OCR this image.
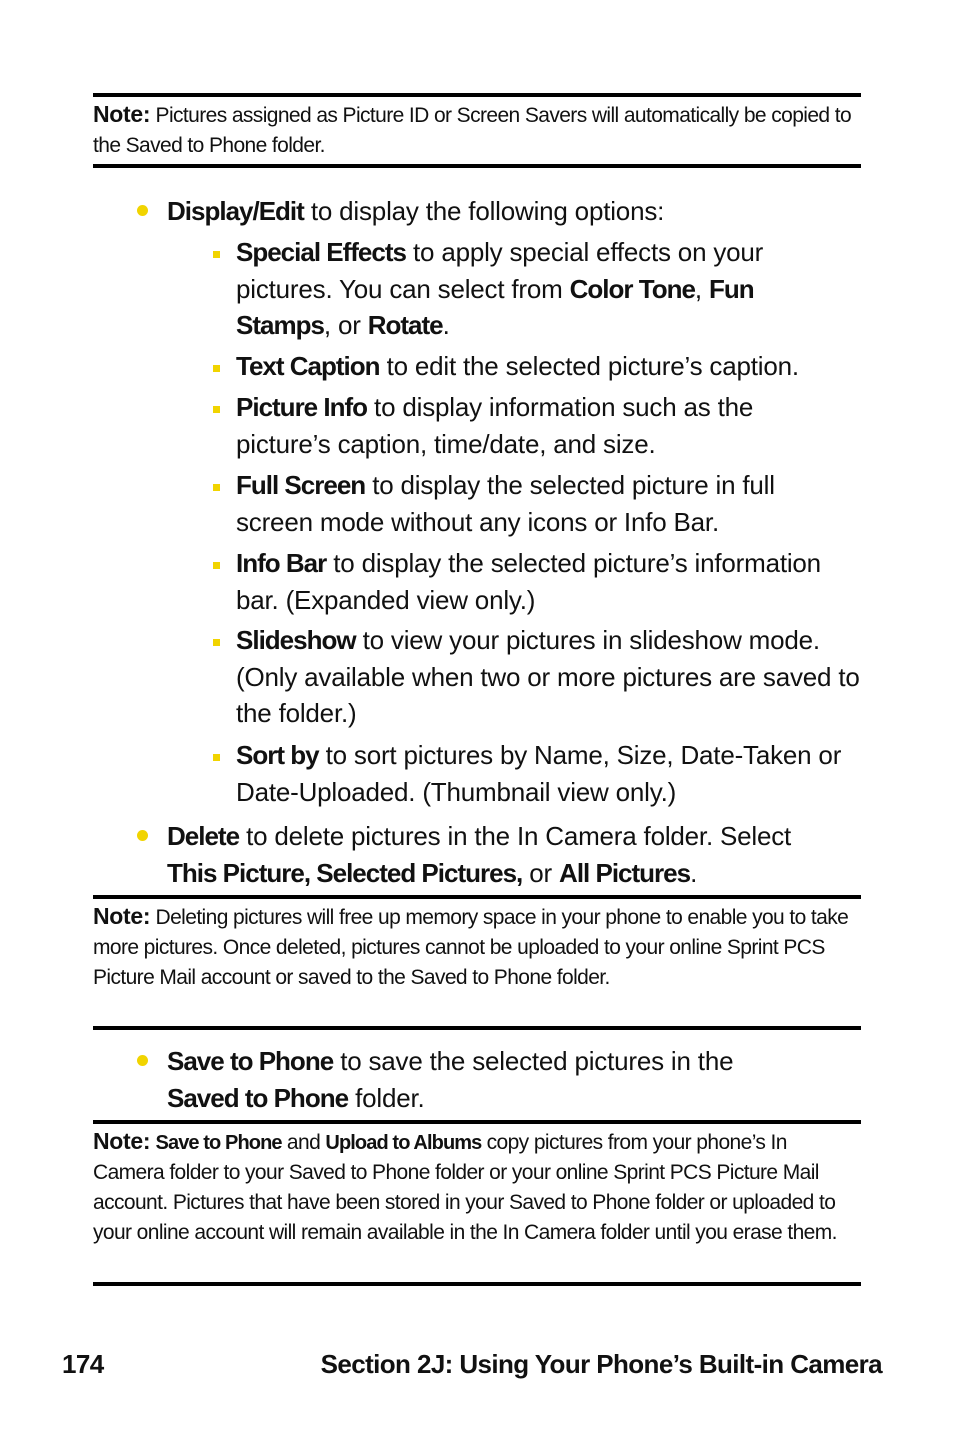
Note: Pictures assigned as Picture ID or Screen Savers will automatically be copied to the Saved to Phone folder.
Display/Edit to display the following options:
Special Effects to apply special effects on your pictures. You can select from Color Tone, Fun Stamps, or Rotate.
Text Caption to edit the selected picture’s caption.
Picture Info to display information such as the picture’s caption, time/date, and size.
Full Screen to display the selected picture in full screen mode without any icons or Info Bar.
Info Bar to display the selected picture’s information bar. (Expanded view only.)
Slideshow to view your pictures in slideshow mode. (Only available when two or more pictures are saved to the folder.)
Sort by to sort pictures by Name, Size, Date-Taken or Date-Uploaded. (Thumbnail view only.)
Delete to delete pictures in the In Camera folder. Select This Picture, Selected Pictures, or All Pictures.
Note: Deleting pictures will free up memory space in your phone to enable you to take more pictures. Once deleted, pictures cannot be uploaded to your online Sprint PCS Picture Mail account or saved to the Saved to Phone folder.
Save to Phone to save the selected pictures in the Saved to Phone folder.
Note: Save to Phone and Upload to Albums copy pictures from your phone’s In Camera folder to your Saved to Phone folder or your online Sprint PCS Picture Mail account. Pictures that have been stored in your Saved to Phone folder or uploaded to your online account will remain available in the In Camera folder until you erase them.
174	Section 2J: Using Your Phone’s Built-in Camera
